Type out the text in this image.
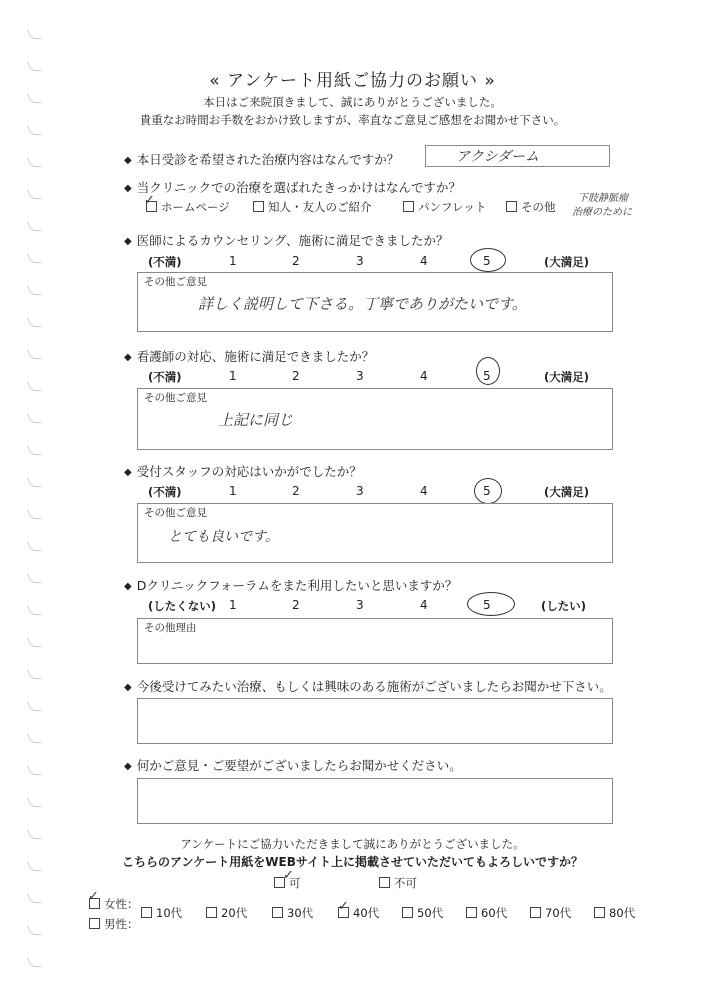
« アンケート用紙ご協力のお願い »
本日はご来院頂きまして、誠にありがとうございました。
貴重なお時間お手数をおかけ致しますが、率直なご意見ご感想をお聞かせ下さい。
◆ 本日受診を希望された治療内容はなんですか？	アクシダーム
◆ 当クリニックでの治療を選ばれたきっかけはなんですか？
ホームページ
✓	知人・友人のご紹介	パンフレット	その他
下肢静脈瘤
治療のために
◆ 医師によるカウンセリング、施術に満足できましたか？
(不満)	1	2	3	4	5	(大満足)
その他ご意見
詳しく説明して下さる。丁寧でありがたいです。
◆ 看護師の対応、施術に満足できましたか？
(不満)	1	2	3	4	5	(大満足)
その他ご意見
上記に同じ
◆ 受付スタッフの対応はいかがでしたか？
(不満)	1	2	3	4	5	(大満足)
その他ご意見
とても良いです。
◆ Dクリニックフォーラムをまた利用したいと思いますか？
(したくない) 1	2	3	4	5	(したい)
その他理由
◆ 今後受けてみたい治療、もしくは興味のある施術がございましたらお聞かせ下さい。
◆ 何かご意見・ご要望がございましたらお聞かせください。
アンケートにご協力いただきまして誠にありがとうございました。
こちらのアンケート用紙をWEBサイト上に掲載させていただいてもよろしいですか？
可
✓	不可
女性：
✓
男性：
10代	20代	30代	40代
✓	50代	60代	70代	80代
